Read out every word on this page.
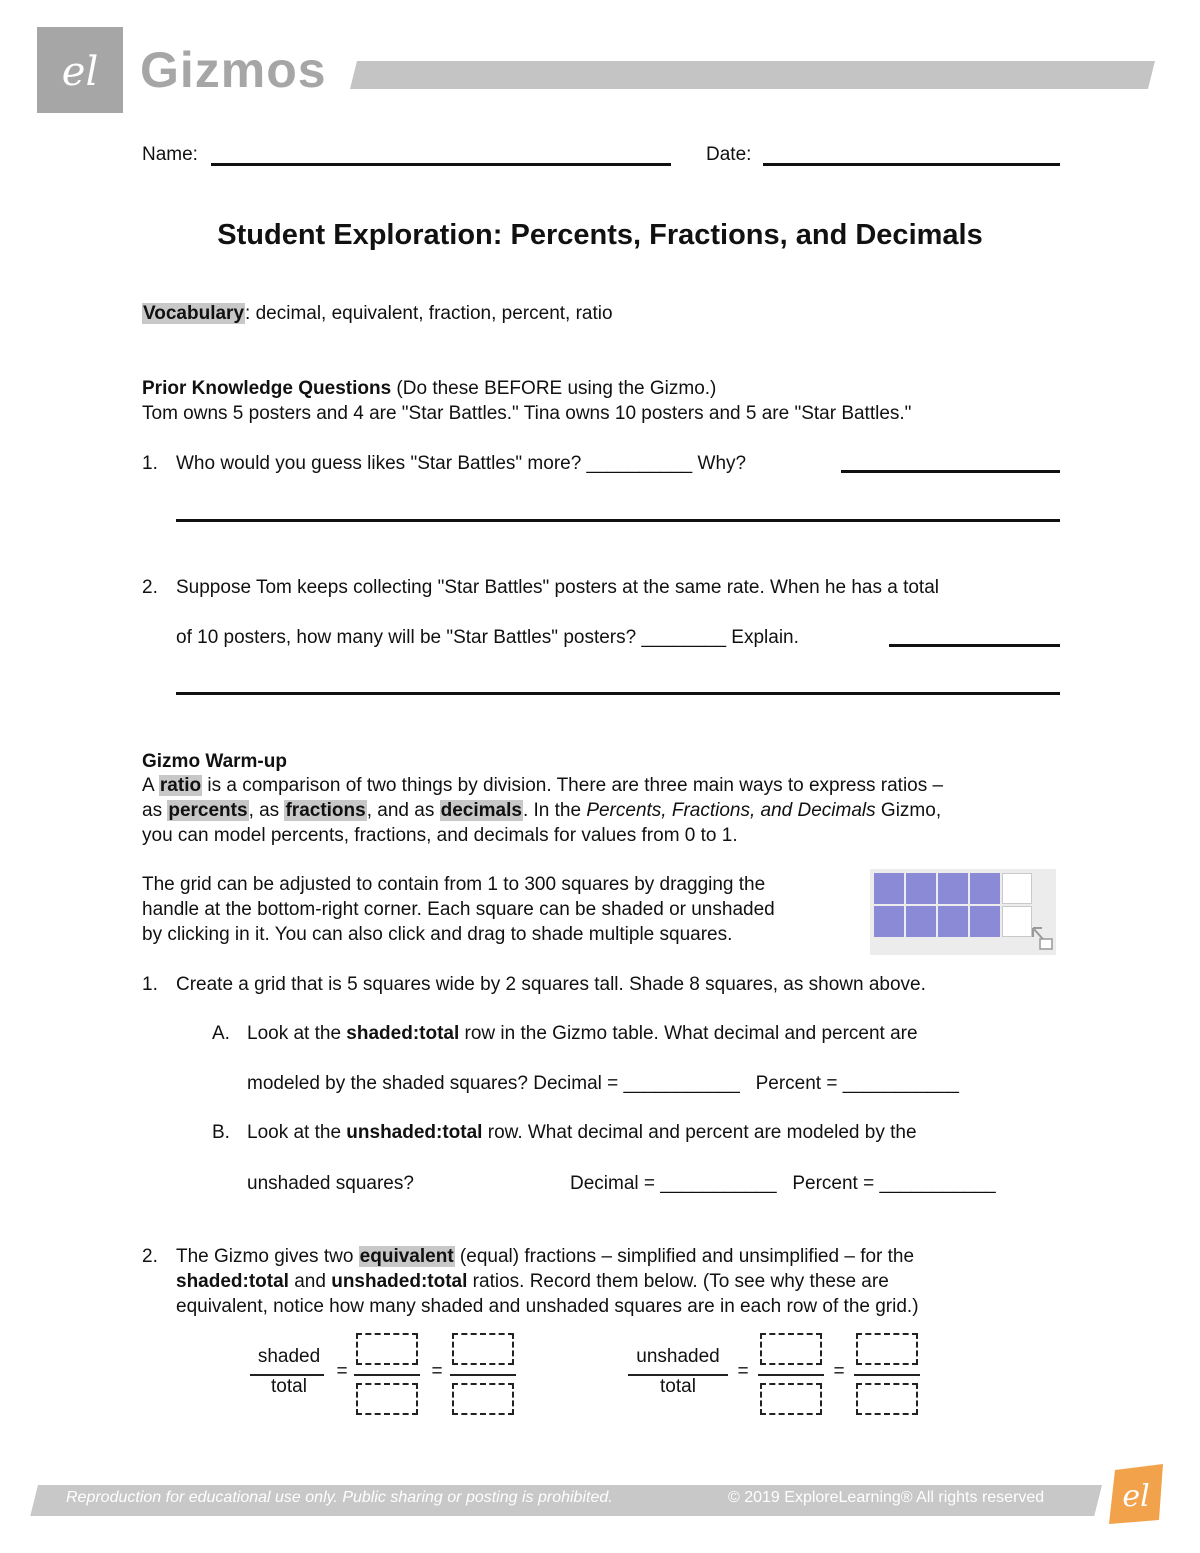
el Gizmos
Name:	Date:
Student Exploration: Percents, Fractions, and Decimals
Vocabulary: decimal, equivalent, fraction, percent, ratio
Prior Knowledge Questions (Do these BEFORE using the Gizmo.)
Tom owns 5 posters and 4 are "Star Battles." Tina owns 10 posters and 5 are "Star Battles."
1. Who would you guess likes "Star Battles" more? __________ Why?
2. Suppose Tom keeps collecting "Star Battles" posters at the same rate. When he has a total
of 10 posters, how many will be "Star Battles" posters? ________ Explain.
Gizmo Warm-up
A ratio is a comparison of two things by division. There are three main ways to express ratios –
as percents, as fractions, and as decimals. In the Percents, Fractions, and Decimals Gizmo,
you can model percents, fractions, and decimals for values from 0 to 1.
The grid can be adjusted to contain from 1 to 300 squares by dragging the
handle at the bottom-right corner. Each square can be shaded or unshaded
by clicking in it. You can also click and drag to shade multiple squares.
1. Create a grid that is 5 squares wide by 2 squares tall. Shade 8 squares, as shown above.
A. Look at the shaded:total row in the Gizmo table. What decimal and percent are
modeled by the shaded squares? Decimal = ___________   Percent = ___________
B. Look at the unshaded:total row. What decimal and percent are modeled by the
unshaded squares?	Decimal = ___________   Percent = ___________
2. The Gizmo gives two equivalent (equal) fractions – simplified and unsimplified – for the
shaded:total and unshaded:total ratios. Record them below. (To see why these are
equivalent, notice how many shaded and unshaded squares are in each row of the grid.)
shaded
total
=	=
unshaded
total
=	=
Reproduction for educational use only. Public sharing or posting is prohibited.	© 2019 ExploreLearning® All rights reserved	el
